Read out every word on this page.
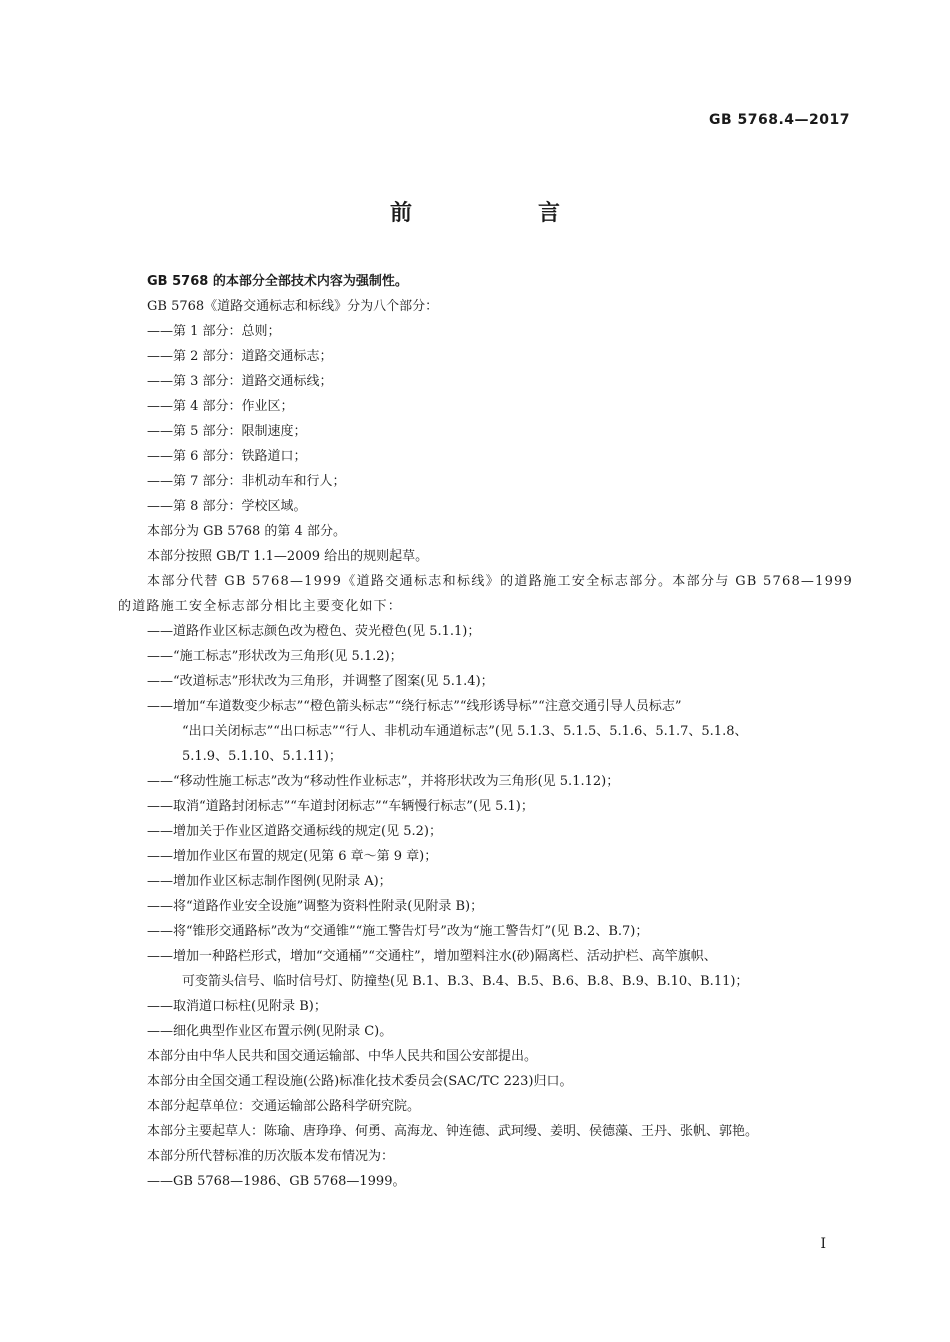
GB 5768.4—2017
前　言
GB 5768 的本部分全部技术内容为强制性。
GB 5768《道路交通标志和标线》分为八个部分：
——第 1 部分：总则；
——第 2 部分：道路交通标志；
——第 3 部分：道路交通标线；
——第 4 部分：作业区；
——第 5 部分：限制速度；
——第 6 部分：铁路道口；
——第 7 部分：非机动车和行人；
——第 8 部分：学校区域。
本部分为 GB 5768 的第 4 部分。
本部分按照 GB/T 1.1—2009 给出的规则起草。
本部分代替 GB 5768—1999《道路交通标志和标线》的道路施工安全标志部分。本部分与 GB 5768—1999 的道路施工安全标志部分相比主要变化如下：
——道路作业区标志颜色改为橙色、荧光橙色(见 5.1.1)；
——“施工标志”形状改为三角形(见 5.1.2)；
——“改道标志”形状改为三角形，并调整了图案(见 5.1.4)；
——增加“车道数变少标志”“橙色箭头标志”“绕行标志”“线形诱导标”“注意交通引导人员标志”
“出口关闭标志”“出口标志”“行人、非机动车通道标志”(见 5.1.3、5.1.5、5.1.6、5.1.7、5.1.8、
5.1.9、5.1.10、5.1.11)；
——“移动性施工标志”改为“移动性作业标志”，并将形状改为三角形(见 5.1.12)；
——取消“道路封闭标志”“车道封闭标志”“车辆慢行标志”(见 5.1)；
——增加关于作业区道路交通标线的规定(见 5.2)；
——增加作业区布置的规定(见第 6 章～第 9 章)；
——增加作业区标志制作图例(见附录 A)；
——将“道路作业安全设施”调整为资料性附录(见附录 B)；
——将“锥形交通路标”改为“交通锥”“施工警告灯号”改为“施工警告灯”(见 B.2、B.7)；
——增加一种路栏形式，增加“交通桶”“交通柱”，增加塑料注水(砂)隔离栏、活动护栏、高竿旗帜、
可变箭头信号、临时信号灯、防撞垫(见 B.1、B.3、B.4、B.5、B.6、B.8、B.9、B.10、B.11)；
——取消道口标柱(见附录 B)；
——细化典型作业区布置示例(见附录 C)。
本部分由中华人民共和国交通运输部、中华人民共和国公安部提出。
本部分由全国交通工程设施(公路)标准化技术委员会(SAC/TC 223)归口。
本部分起草单位：交通运输部公路科学研究院。
本部分主要起草人：陈瑜、唐琤琤、何勇、高海龙、钟连德、武珂缦、姜明、侯德藻、王丹、张帆、郭艳。
本部分所代替标准的历次版本发布情况为：
——GB 5768—1986、GB 5768—1999。
I
